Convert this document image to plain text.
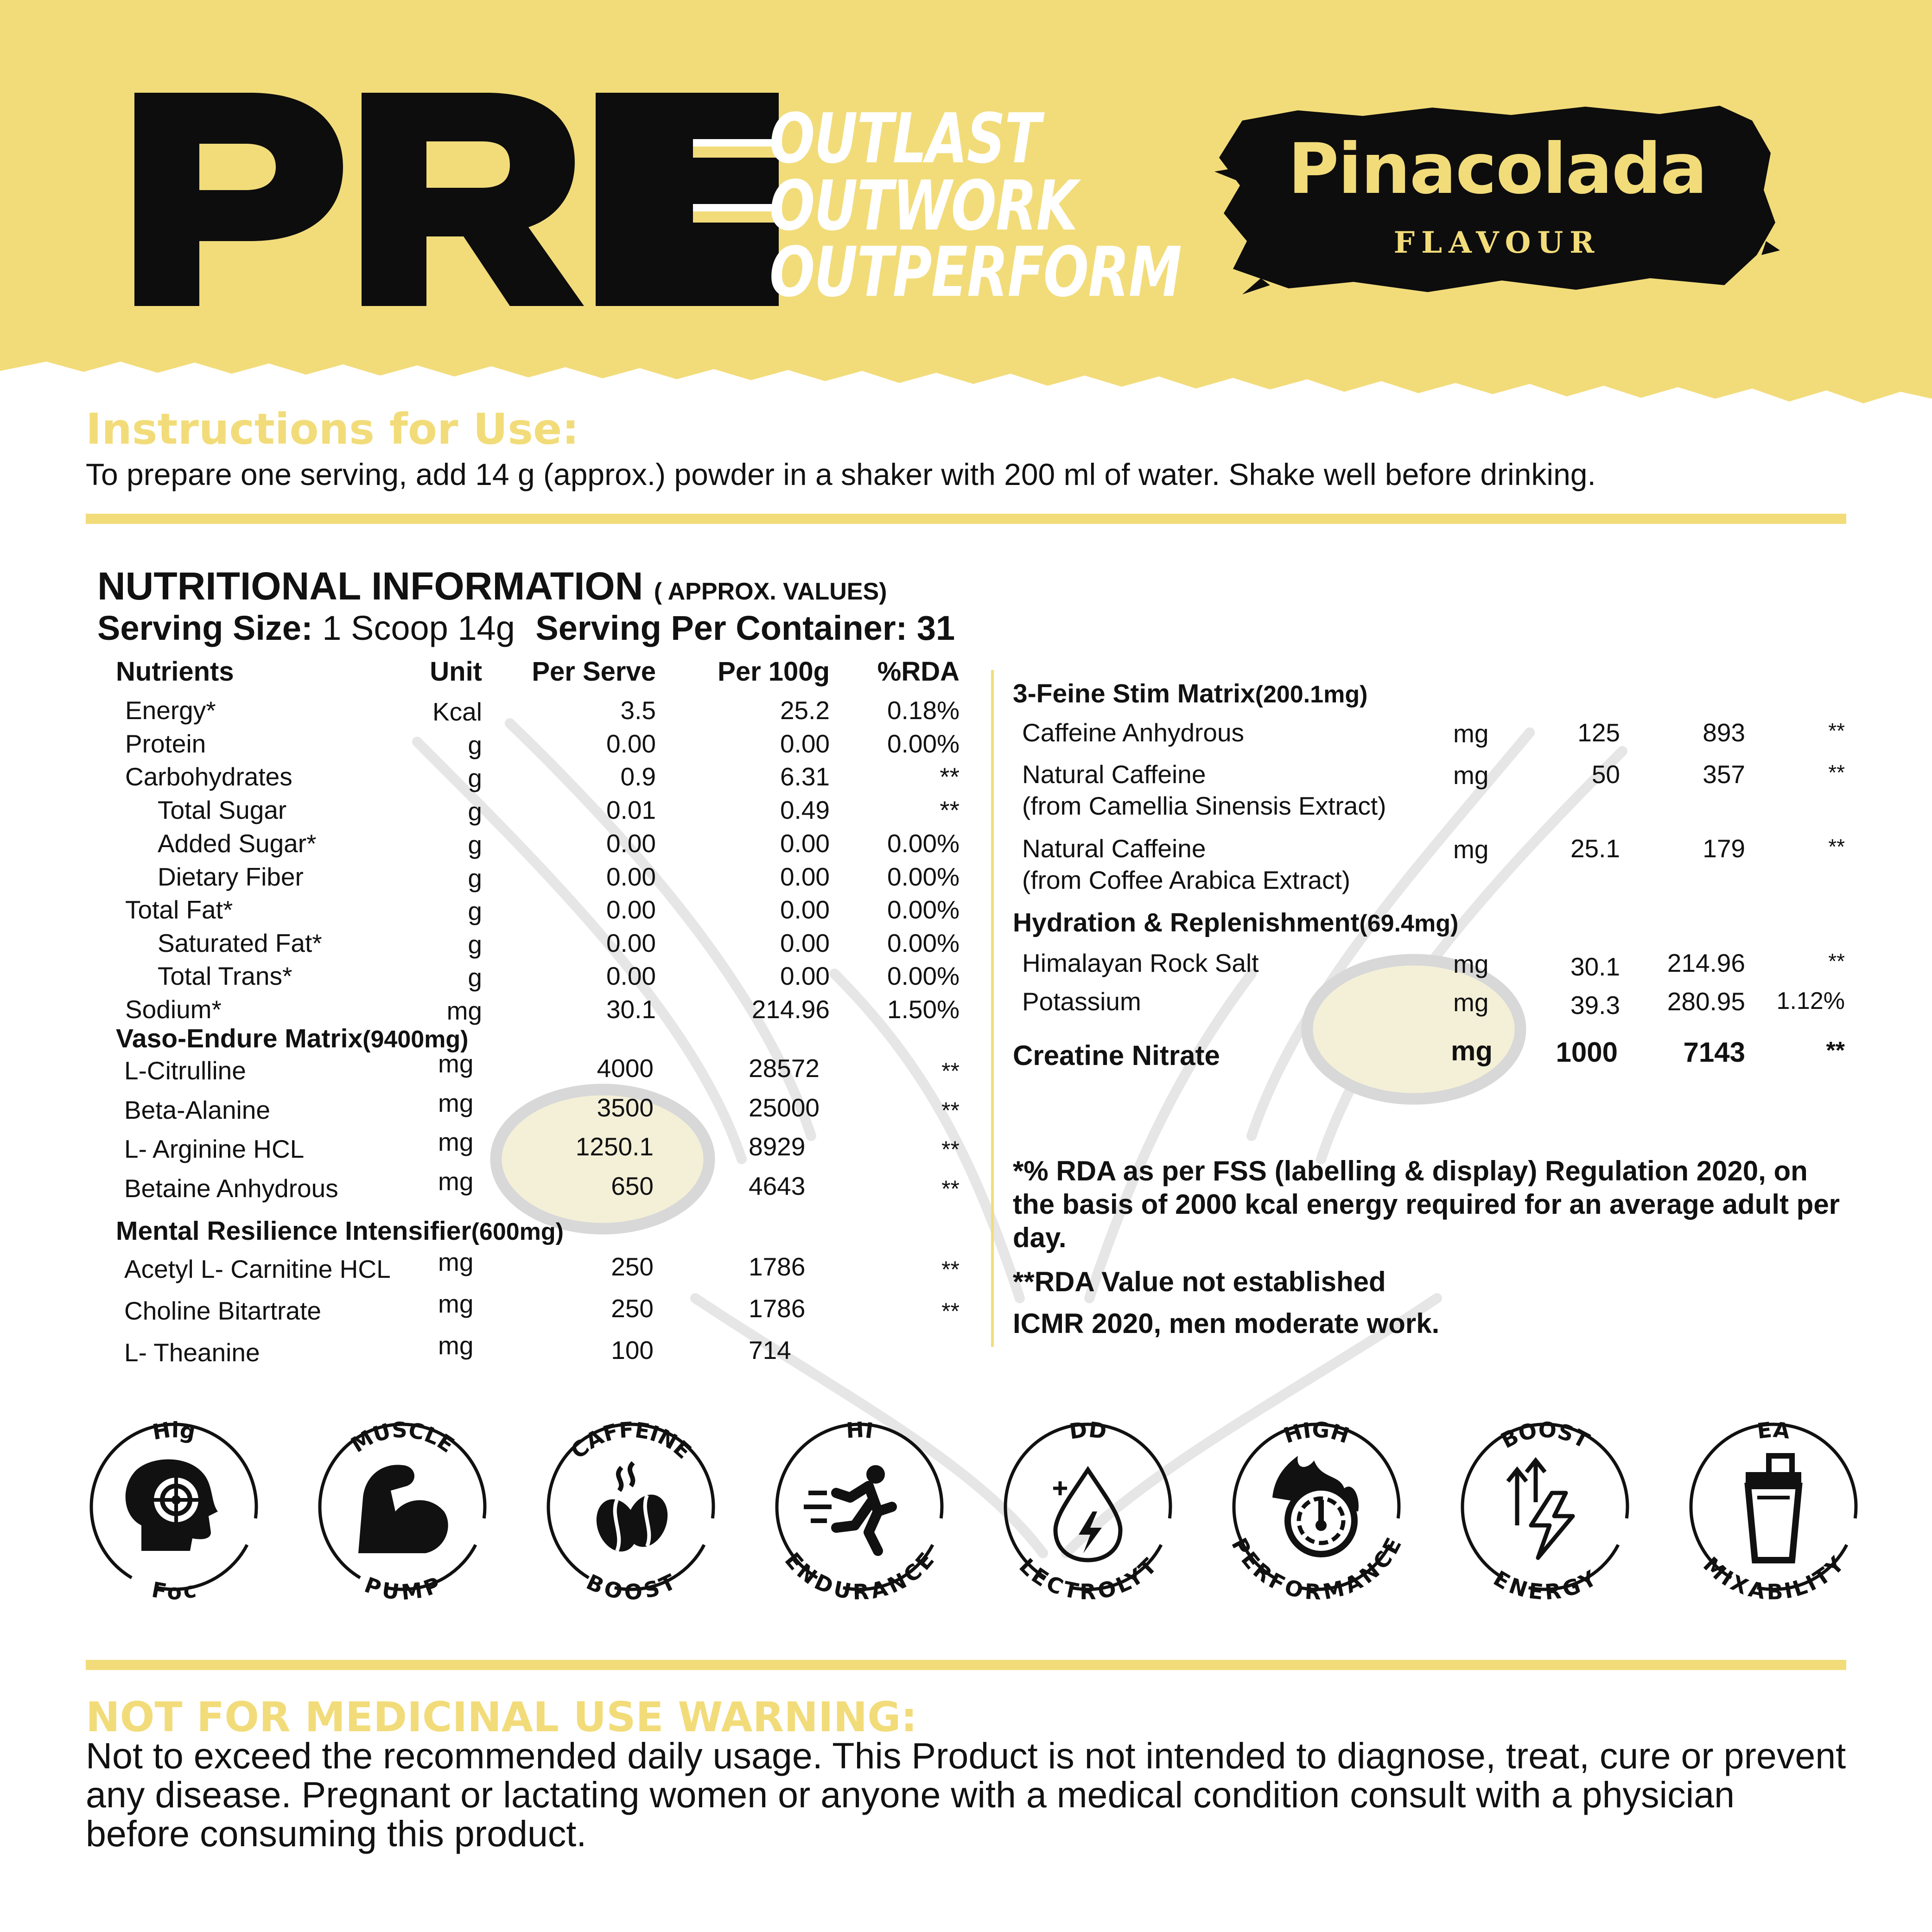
OUTLAST
OUTWORK
OUTPERFORM
Pinacolada
FLAVOUR
Instructions for Use:
To prepare one serving, add 14 g (approx.) powder in a shaker with 200 ml of water. Shake well before drinking.
NUTRITIONAL INFORMATION ( APPROX. VALUES)
Serving Size: 1 Scoop 14g Serving Per Container: 31
Nutrients	Unit	Per Serve	Per 100g	%RDA
Energy*	Kcal	3.5	25.2	0.18%
Protein	g	0.00	0.00	0.00%
Carbohydrates	g	0.9	6.31	**
Total Sugar	g	0.01	0.49	**
Added Sugar*	g	0.00	0.00	0.00%
Dietary Fiber	g	0.00	0.00	0.00%
Total Fat*	g	0.00	0.00	0.00%
Saturated Fat*	g	0.00	0.00	0.00%
Total Trans*	g	0.00	0.00	0.00%
Sodium*	mg	30.1	214.96	1.50%
Vaso-Endure Matrix(9400mg)
L-Citrulline	mg	4000	28572	**
Beta-Alanine	mg	3500	25000	**
L- Arginine HCL	mg	1250.1	8929	**
Betaine Anhydrous	mg	650	4643	**
Mental Resilience Intensifier(600mg)
Acetyl L- Carnitine HCL mg	250	1786	**
Choline Bitartrate	mg	250	1786	**
L- Theanine	mg	100	714
3-Feine Stim Matrix(200.1mg)
Caffeine Anhydrous	mg	125	893	**
Natural Caffeine
(from Camellia Sinensis Extract)
mg	50	357	**
Natural Caffeine
(from Coffee Arabica Extract)
mg	25.1	179	**
Hydration & Replenishment(69.4mg)
Himalayan Rock Salt	mg	30.1	214.96	**
Potassium	mg	39.3	280.95	1.12%
Creatine Nitrate	mg	1000	7143	**
*% RDA as per FSS (labelling & display) Regulation 2020, on the basis of 2000 kcal energy required for an average adult per day.
**RDA Value not established
ICMR 2020, men moderate work.
Hig
Foc
MUSCLE
PUMP
CAFFEINE
BOOST
HI
ENDURANCE
DD
LECTROLYT
HIGH
PERFORMANCE
BOOST
ENERGY
EA
MIXABILITY
NOT FOR MEDICINAL USE WARNING:
Not to exceed the recommended daily usage. This Product is not intended to diagnose, treat, cure or prevent any disease. Pregnant or lactating women or anyone with a medical condition consult with a physician before consuming this product.
